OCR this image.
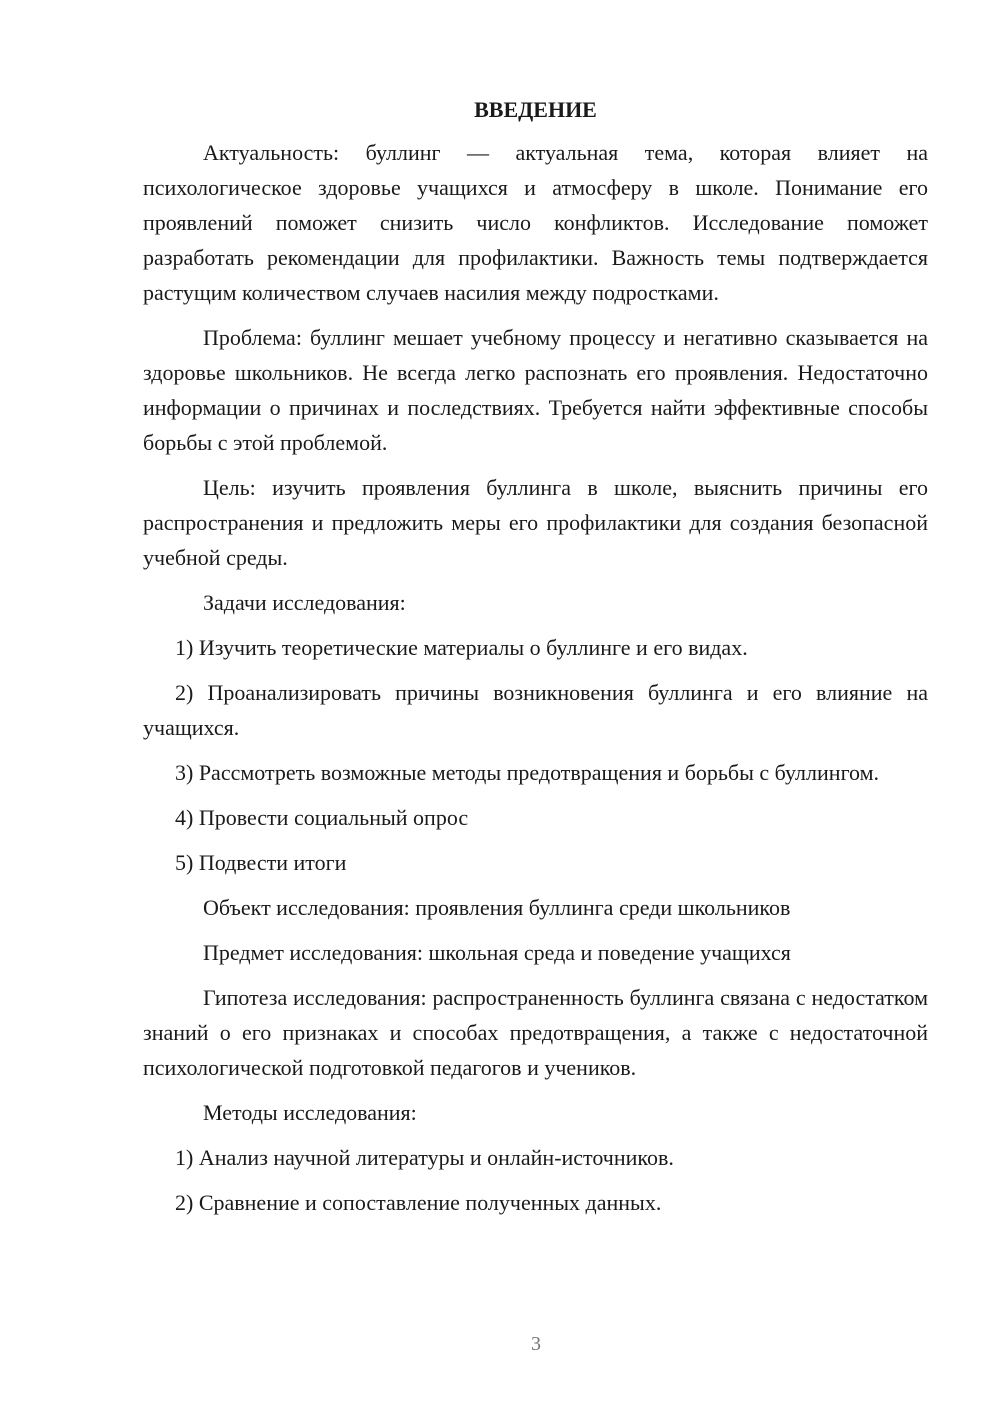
ВВЕДЕНИЕ

Актуальность: буллинг — актуальная тема, которая влияет на психологическое здоровье учащихся и атмосферу в школе. Понимание его проявлений поможет снизить число конфликтов. Исследование поможет разработать рекомендации для профилактики. Важность темы подтверждается растущим количеством случаев насилия между подростками.

Проблема: буллинг мешает учебному процессу и негативно сказывается на здоровье школьников. Не всегда легко распознать его проявления. Недостаточно информации о причинах и последствиях. Требуется найти эффективные способы борьбы с этой проблемой.

Цель: изучить проявления буллинга в школе, выяснить причины его распространения и предложить меры его профилактики для создания безопасной учебной среды.

Задачи исследования:

1) Изучить теоретические материалы о буллинге и его видах.

2) Проанализировать причины возникновения буллинга и его влияние на учащихся.

3) Рассмотреть возможные методы предотвращения и борьбы с буллингом.

4) Провести социальный опрос

5) Подвести итоги

Объект исследования: проявления буллинга среди школьников

Предмет исследования: школьная среда и поведение учащихся

Гипотеза исследования: распространенность буллинга связана с недостатком знаний о его признаках и способах предотвращения, а также с недостаточной психологической подготовкой педагогов и учеников.

Методы исследования:

1) Анализ научной литературы и онлайн-источников.

2) Сравнение и сопоставление полученных данных.

3
